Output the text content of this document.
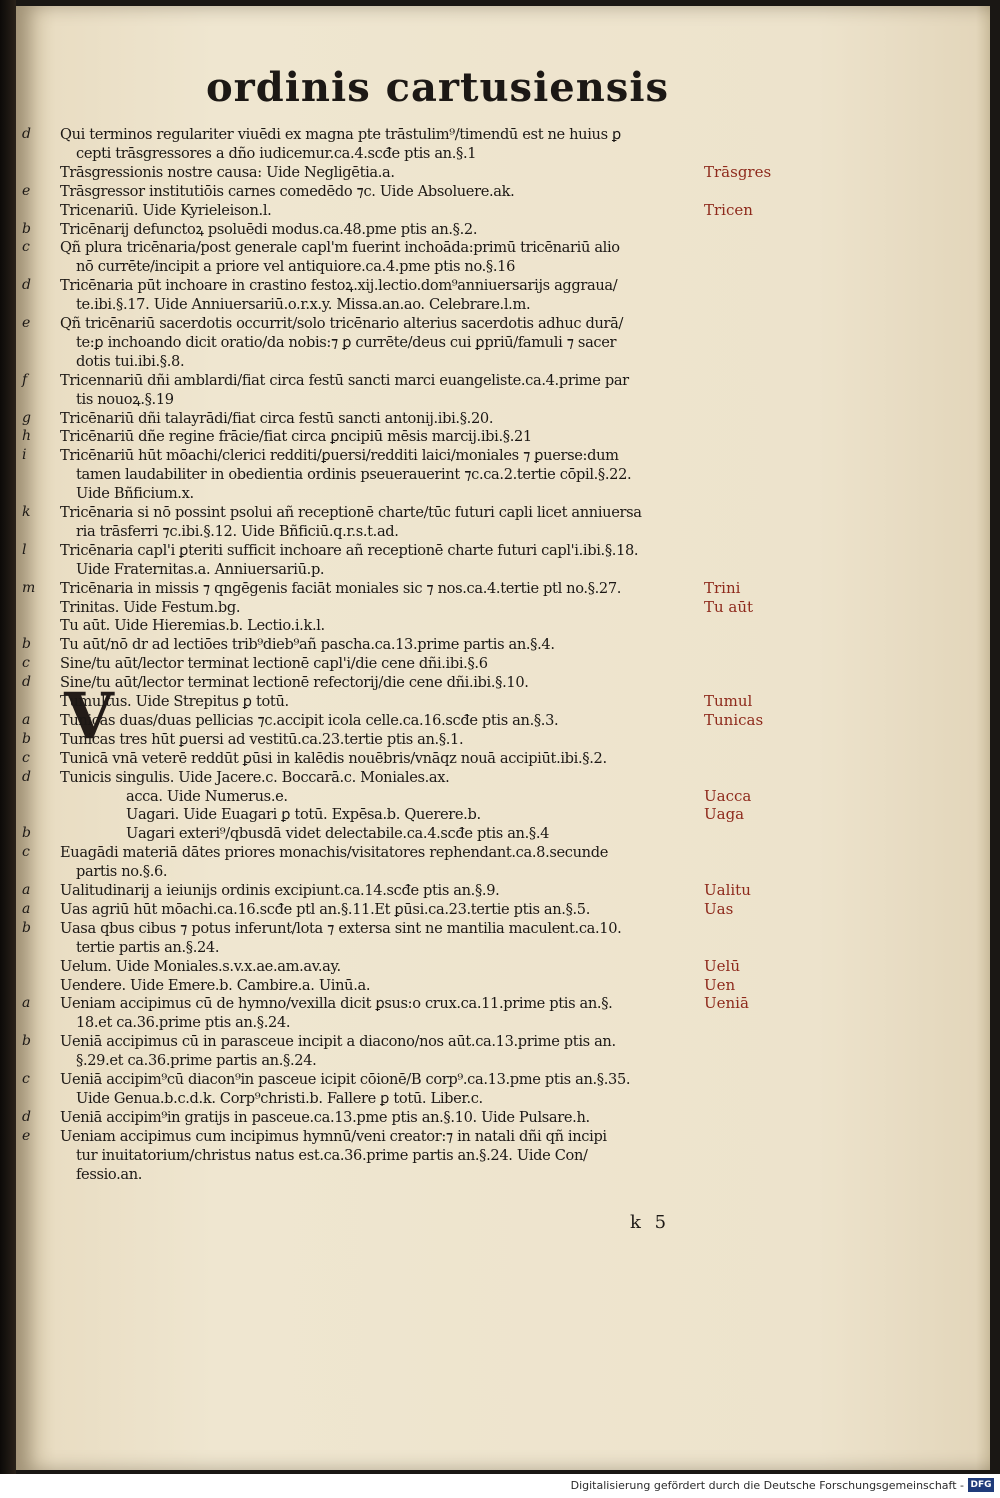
ordinis cartusiensis
V
d	Qui terminos regulariter viuēdi ex magna pte trāstulim⁹/timendū est ne huius ꝑ
cepti trāsgressores a dño iudicemur.ca.4.scđe ptis an.§.1
Trāsgressionis nostre causa: Uide Negligētia.a.	Trāsgres
e	Trāsgressor institutiōis carnes comedēdo ⁊c. Uide Absoluere.ak.
Tricenariū. Uide Kyrieleison.l.	Tricen
b	Tricēnarij defunctoꝝ psoluēdi modus.ca.48.pme ptis an.§.2.
c	Qñ plura tricēnaria/post generale capl'm fuerint inchoāda:primū tricēnariū alio
nō currēte/incipit a priore vel antiquiore.ca.4.pme ptis no.§.16
d	Tricēnaria pūt inchoare in crastino festoꝝ.xij.lectio.dom⁹anniuersarijs aggraua/
te.ibi.§.17. Uide Anniuersariū.o.r.x.y. Missa.an.ao. Celebrare.l.m.
e	Qñ tricēnariū sacerdotis occurrit/solo tricēnario alterius sacerdotis adhuc durā/
te:ꝑ inchoando dicit oratio/da nobis:⁊ ꝑ currēte/deus cui ꝑpriū/famuli ⁊ sacer
dotis tui.ibi.§.8.
f	Tricennariū dñi amblardi/fiat circa festū sancti marci euangeliste.ca.4.prime par
tis nouoꝝ.§.19
g	Tricēnariū dñi talayrādi/fiat circa festū sancti antonij.ibi.§.20.
h	Tricēnariū dñe regine frācie/fiat circa ꝑncipiū mēsis marcij.ibi.§.21
i	Tricēnariū hūt mōachi/clerici redditi/ꝑuersi/redditi laici/moniales ⁊ ꝑuerse:dum
tamen laudabiliter in obedientia ordinis pseuerauerint ⁊c.ca.2.tertie cōpil.§.22.
Uide Bñficium.x.
k	Tricēnaria si nō possint psolui añ receptionē charte/tūc futuri capli licet anniuersa
ria trāsferri ⁊c.ibi.§.12. Uide Bñficiū.q.r.s.t.ad.
l	Tricēnaria capl'i ꝑteriti sufficit inchoare añ receptionē charte futuri capl'i.ibi.§.18.
Uide Fraternitas.a. Anniuersariū.p.
m	Tricēnaria in missis ⁊ qngēgenis faciāt moniales sic ⁊ nos.ca.4.tertie ptl no.§.27.	Trini
Trinitas. Uide Festum.bg.	Tu aūt
Tu aūt. Uide Hieremias.b. Lectio.i.k.l.
b	Tu aūt/nō dr ad lectiōes trib⁹dieb⁹añ pascha.ca.13.prime partis an.§.4.
c	Sine/tu aūt/lector terminat lectionē capl'i/die cene dñi.ibi.§.6
d	Sine/tu aūt/lector terminat lectionē refectorij/die cene dñi.ibi.§.10.
Tumultus. Uide Strepitus ꝑ totū.	Tumul
a	Tunicas duas/duas pellicias ⁊c.accipit icola celle.ca.16.scđe ptis an.§.3.	Tunicas
b	Tunicas tres hūt ꝑuersi ad vestitū.ca.23.tertie ptis an.§.1.
c	Tunicā vnā veterē reddūt ꝑūsi in kalēdis nouēbris/vnāqz nouā accipiūt.ibi.§.2.
d	Tunicis singulis. Uide Jacere.c. Boccarā.c. Moniales.ax.
acca. Uide Numerus.e.	Uacca
Uagari. Uide Euagari ꝑ totū. Expēsa.b. Querere.b.	Uaga
b	Uagari exteri⁹/qbusdā videt delectabile.ca.4.scđe ptis an.§.4
c	Euagādi materiā dātes priores monachis/visitatores rephendant.ca.8.secunde
partis no.§.6.
a	Ualitudinarij a ieiunijs ordinis excipiunt.ca.14.scđe ptis an.§.9.	Ualitu
a	Uas agriū hūt mōachi.ca.16.scđe ptl an.§.11.Et ꝑūsi.ca.23.tertie ptis an.§.5.	Uas
b	Uasa qbus cibus ⁊ potus inferunt/lota ⁊ extersa sint ne mantilia maculent.ca.10.
tertie partis an.§.24.
Uelum. Uide Moniales.s.v.x.ae.am.av.ay.	Uelū
Uendere. Uide Emere.b. Cambire.a. Uinū.a.	Uen
a	Ueniam accipimus cū de hymno/vexilla dicit ꝑsus:o crux.ca.11.prime ptis an.§.	Ueniā
18.et ca.36.prime ptis an.§.24.
b	Ueniā accipimus cū in parasceue incipit a diacono/nos aūt.ca.13.prime ptis an.
§.29.et ca.36.prime partis an.§.24.
c	Ueniā accipim⁹cū diacon⁹in pasceue icipit cōionē/B corp⁹.ca.13.pme ptis an.§.35.
Uide Genua.b.c.d.k. Corp⁹christi.b. Fallere ꝑ totū. Liber.c.
d	Ueniā accipim⁹in gratijs in pasceue.ca.13.pme ptis an.§.10. Uide Pulsare.h.
e	Ueniam accipimus cum incipimus hymnū/veni creator:⁊ in natali dñi qñ incipi
tur inuitatorium/christus natus est.ca.36.prime partis an.§.24. Uide Con/
fessio.an.
k 5
Digitalisierung gefördert durch die Deutsche Forschungsgemeinschaft - DFG
